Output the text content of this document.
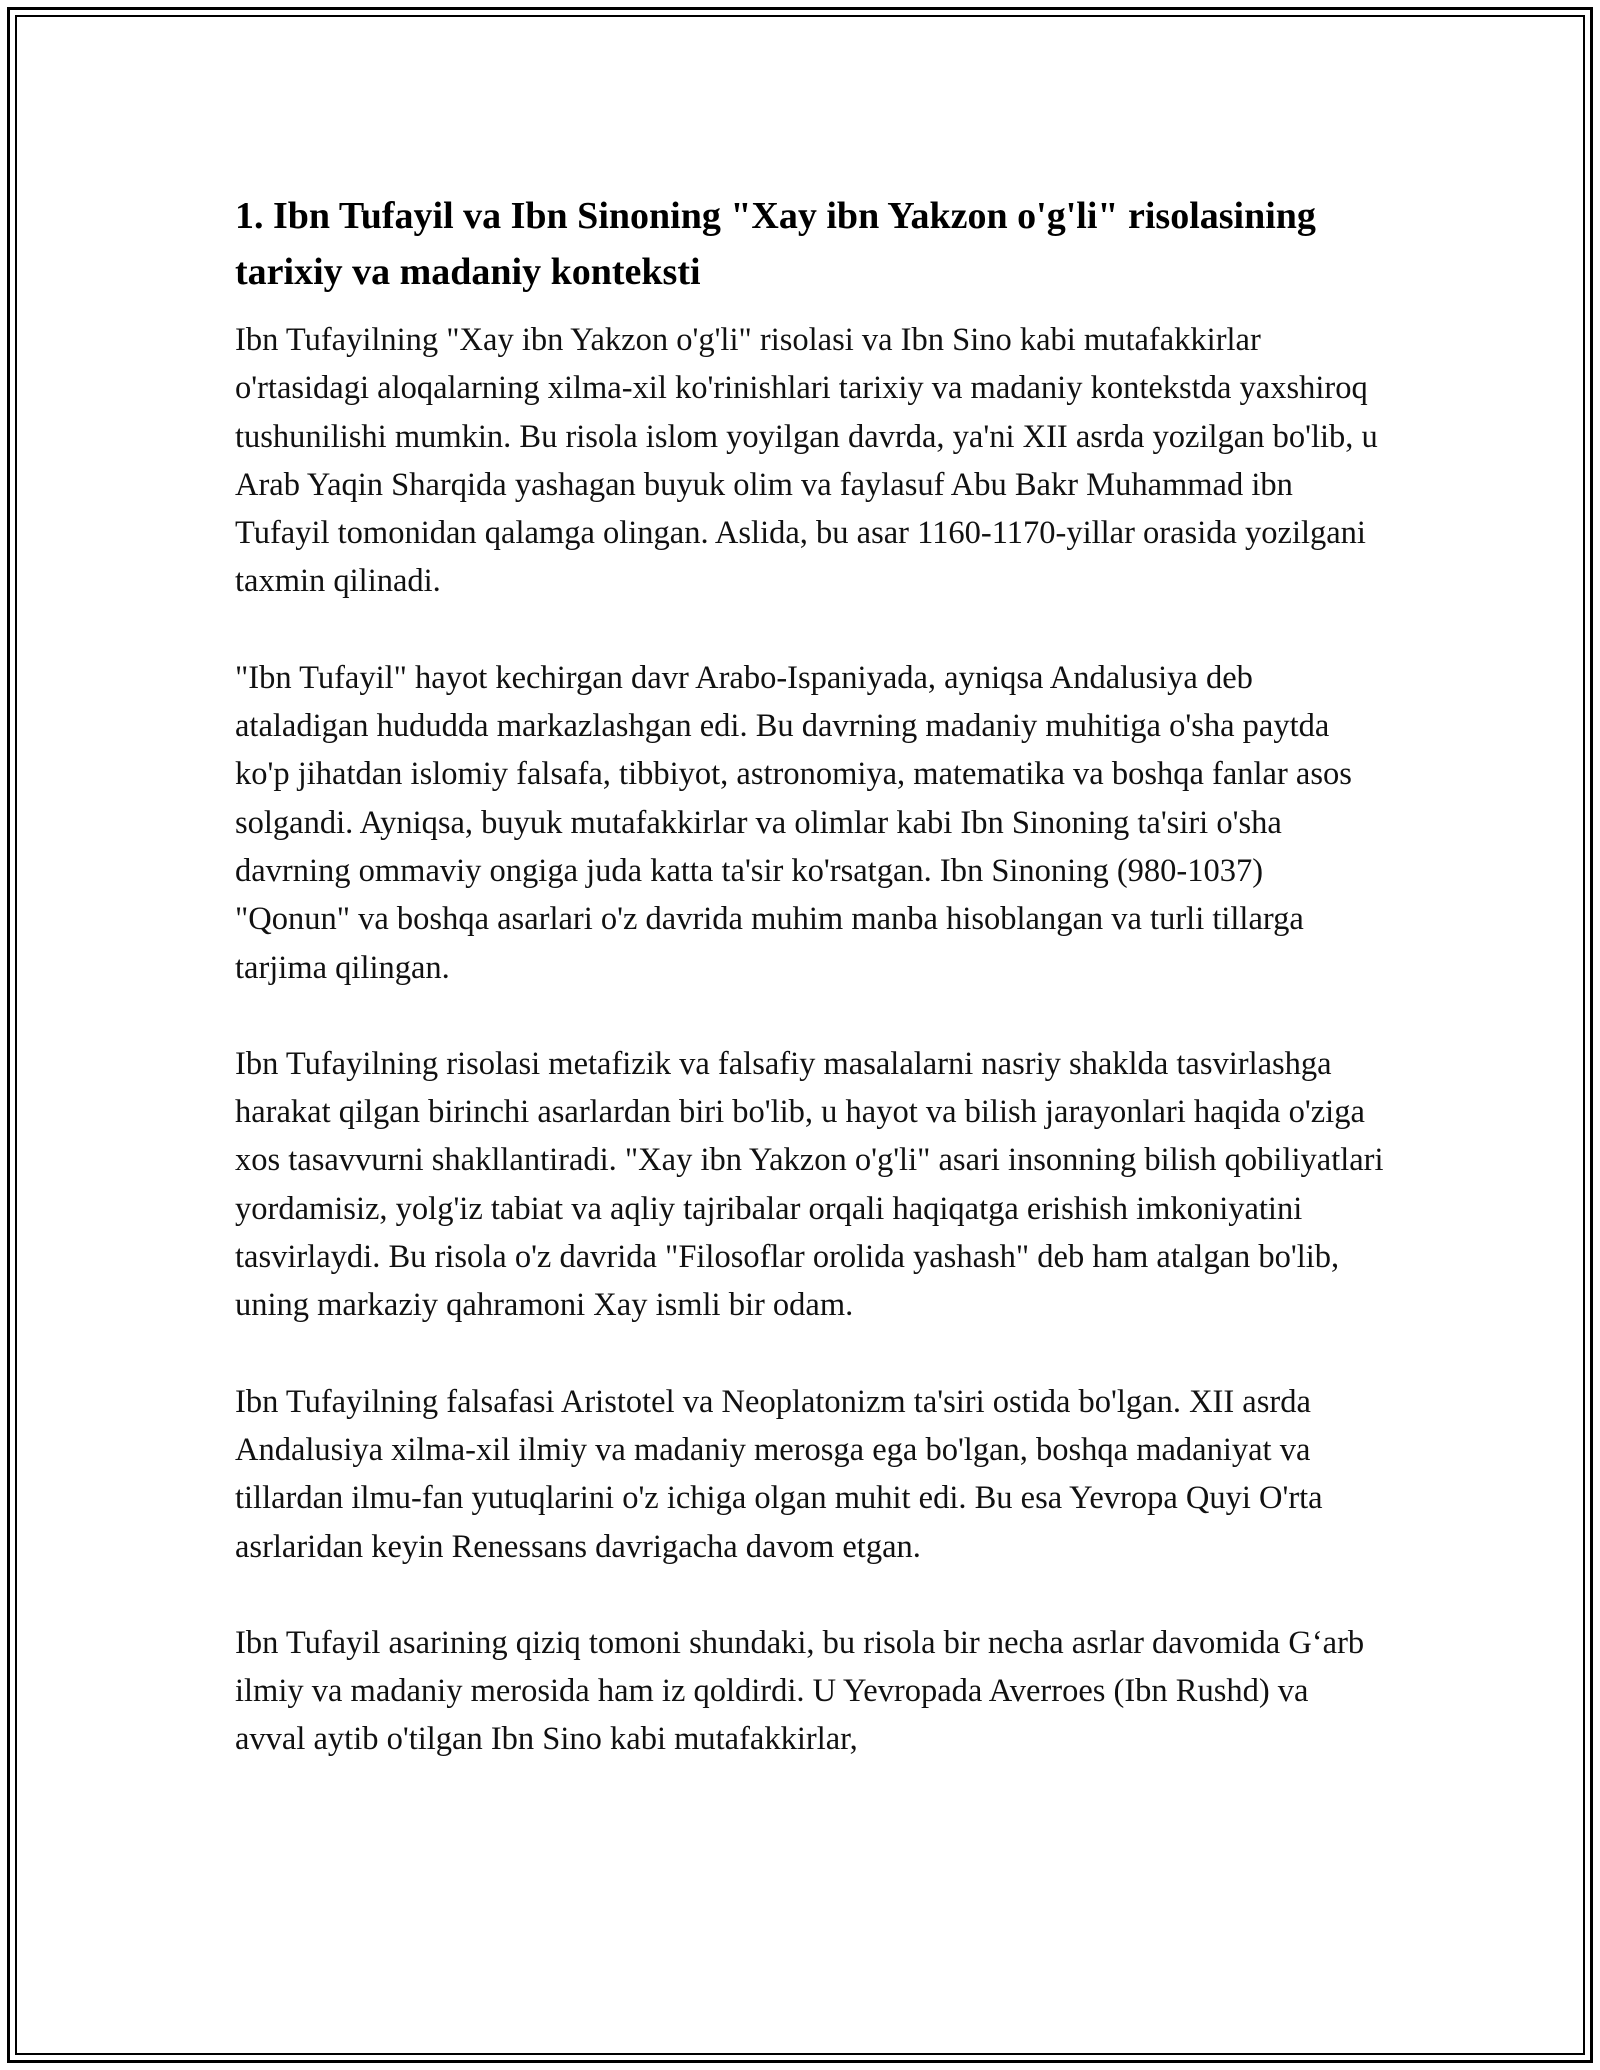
1. Ibn Tufayil va Ibn Sinoning "Xay ibn Yakzon o'g'li" risolasining tarixiy va madaniy konteksti

Ibn Tufayilning "Xay ibn Yakzon o'g'li" risolasi va Ibn Sino kabi mutafakkirlar o'rtasidagi aloqalarning xilma-xil ko'rinishlari tarixiy va madaniy kontekstda yaxshiroq tushunilishi mumkin. Bu risola islom yoyilgan davrda, ya'ni XII asrda yozilgan bo'lib, u Arab Yaqin Sharqida yashagan buyuk olim va faylasuf Abu Bakr Muhammad ibn Tufayil tomonidan qalamga olingan. Aslida, bu asar 1160-1170-yillar orasida yozilgani taxmin qilinadi.

"Ibn Tufayil" hayot kechirgan davr Arabo-Ispaniyada, ayniqsa Andalusiya deb ataladigan hududda markazlashgan edi. Bu davrning madaniy muhitiga o'sha paytda ko'p jihatdan islomiy falsafa, tibbiyot, astronomiya, matematika va boshqa fanlar asos solgandi. Ayniqsa, buyuk mutafakkirlar va olimlar kabi Ibn Sinoning ta'siri o'sha davrning ommaviy ongiga juda katta ta'sir ko'rsatgan. Ibn Sinoning (980-1037) "Qonun" va boshqa asarlari o'z davrida muhim manba hisoblangan va turli tillarga tarjima qilingan.

Ibn Tufayilning risolasi metafizik va falsafiy masalalarni nasriy shaklda tasvirlashga harakat qilgan birinchi asarlardan biri bo'lib, u hayot va bilish jarayonlari haqida o'ziga xos tasavvurni shakllantiradi. "Xay ibn Yakzon o'g'li" asari insonning bilish qobiliyatlari yordamisiz, yolg'iz tabiat va aqliy tajribalar orqali haqiqatga erishish imkoniyatini tasvirlaydi. Bu risola o'z davrida "Filosoflar orolida yashash" deb ham atalgan bo'lib, uning markaziy qahramoni Xay ismli bir odam.

Ibn Tufayilning falsafasi Aristotel va Neoplatonizm ta'siri ostida bo'lgan. XII asrda Andalusiya xilma-xil ilmiy va madaniy merosga ega bo'lgan, boshqa madaniyat va tillardan ilmu-fan yutuqlarini o'z ichiga olgan muhit edi. Bu esa Yevropa Quyi O'rta asrlaridan keyin Renessans davrigacha davom etgan.

Ibn Tufayil asarining qiziq tomoni shundaki, bu risola bir necha asrlar davomida G‘arb ilmiy va madaniy merosida ham iz qoldirdi. U Yevropada Averroes (Ibn Rushd) va avval aytib o'tilgan Ibn Sino kabi mutafakkirlar,
